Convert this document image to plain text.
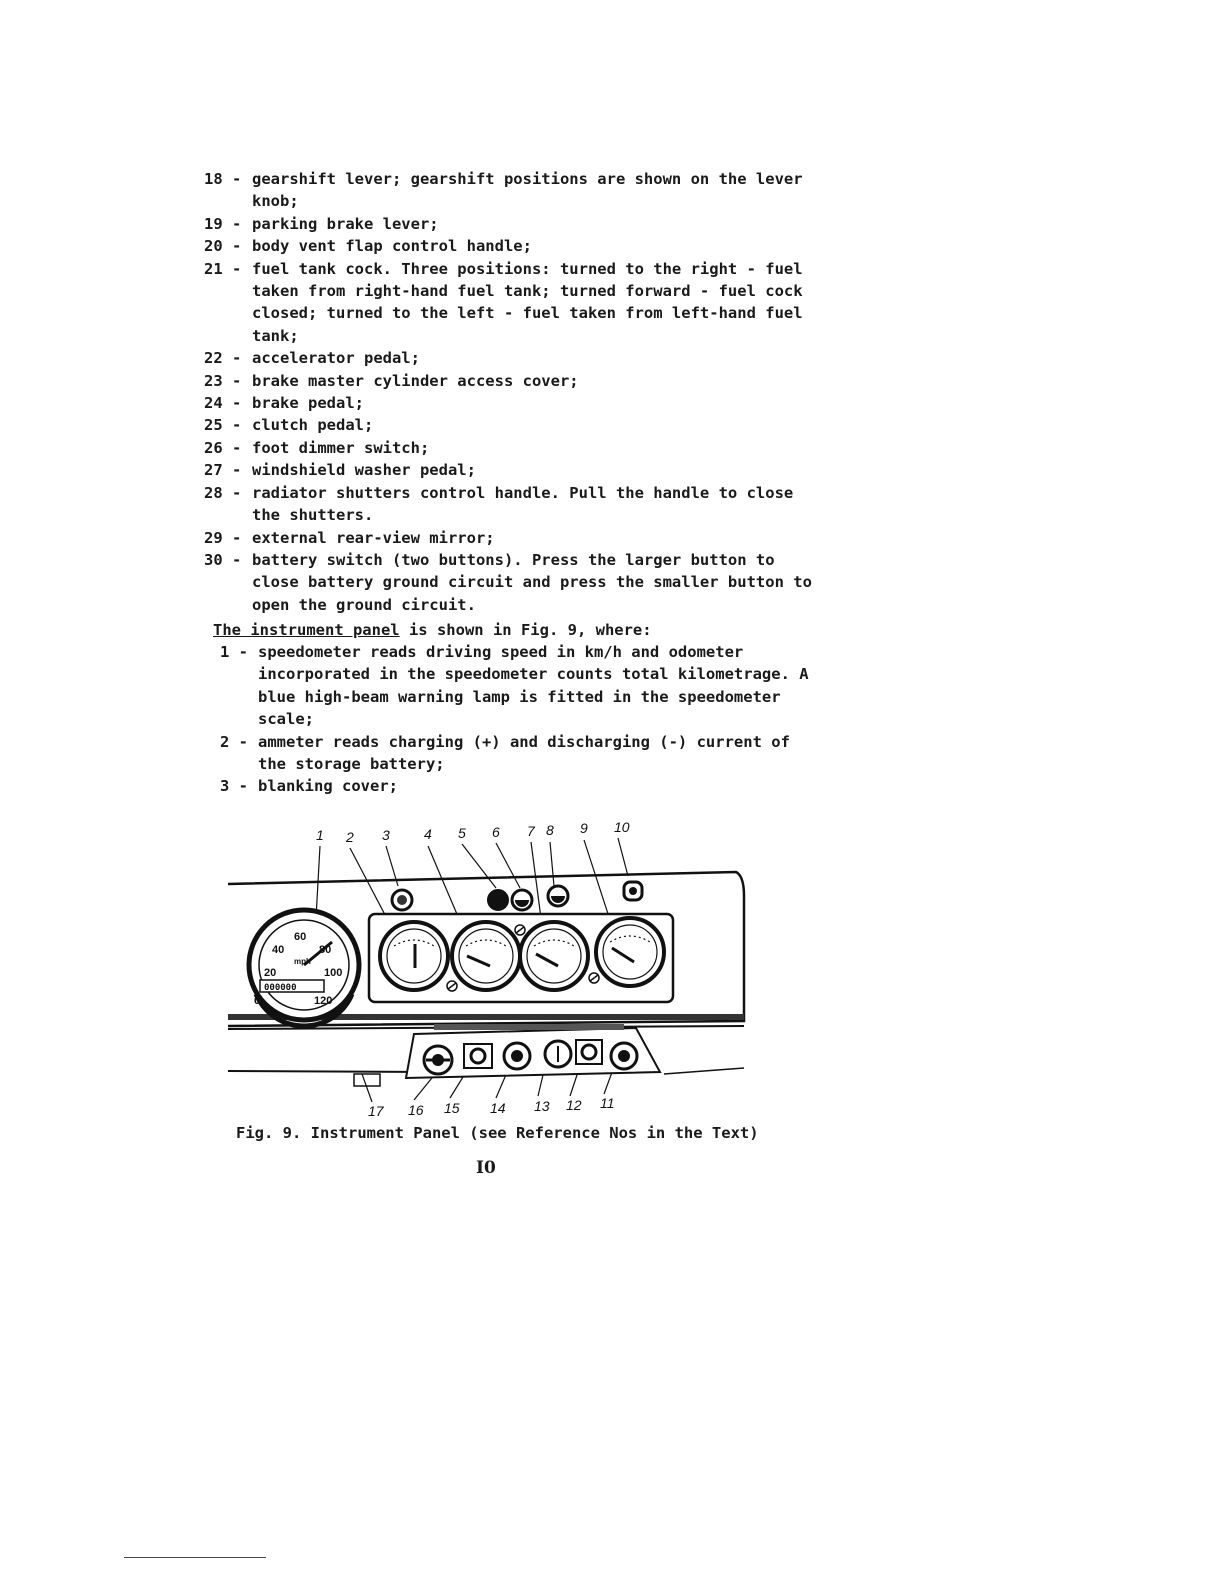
18 - gearshift lever; gearshift positions are shown on the lever knob;
19 - parking brake lever;
20 - body vent flap control handle;
21 - fuel tank cock. Three positions: turned to the right - fuel taken from right-hand fuel tank; turned forward - fuel cock closed; turned to the left - fuel taken from left-hand fuel tank;
22 - accelerator pedal;
23 - brake master cylinder access cover;
24 - brake pedal;
25 - clutch pedal;
26 - foot dimmer switch;
27 - windshield washer pedal;
28 - radiator shutters control handle. Pull the handle to close the shutters.
29 - external rear-view mirror;
30 - battery switch (two buttons). Press the larger button to close battery ground circuit and press the smaller button to open the ground circuit.
The instrument panel is shown in Fig. 9, where:
1 - speedometer reads driving speed in km/h and odometer incorporated in the speedometer counts total kilometrage. A blue high-beam warning lamp is fitted in the speedometer scale;
2 - ammeter reads charging (+) and discharging (-) current of the storage battery;
3 - blanking cover;
1 2 3 4 5 6 7 8 9 10
17 16 15 14 13 12 11
20
40
60
80
100
120
0
mph
000000
Fig. 9. Instrument Panel (see Reference Nos in the Text)
I0
